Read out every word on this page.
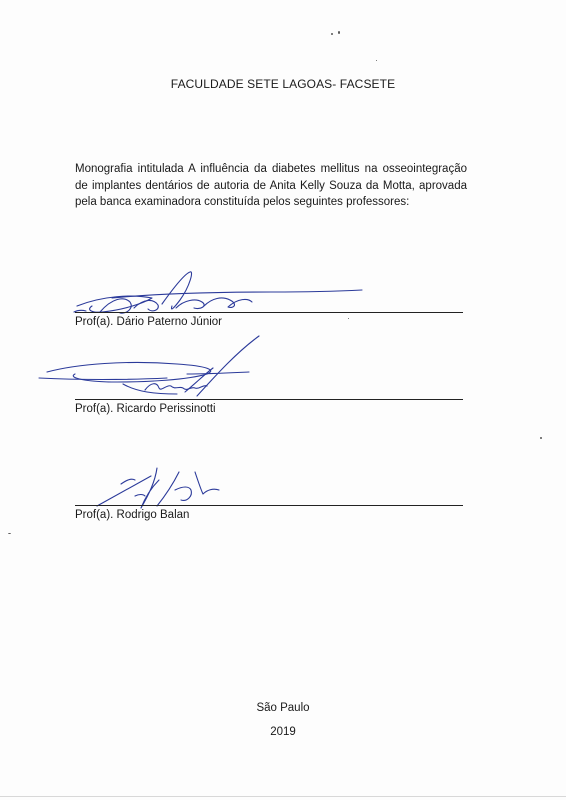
FACULDADE SETE LAGOAS- FACSETE
Monografia intitulada A influência da diabetes mellitus na osseointegração de implantes dentários de autoria de Anita Kelly Souza da Motta, aprovada pela banca examinadora constituída pelos seguintes professores:
Prof(a). Dário Paterno Júnior
Prof(a). Ricardo Perissinotti
Prof(a). Rodrigo Balan
São Paulo
2019
